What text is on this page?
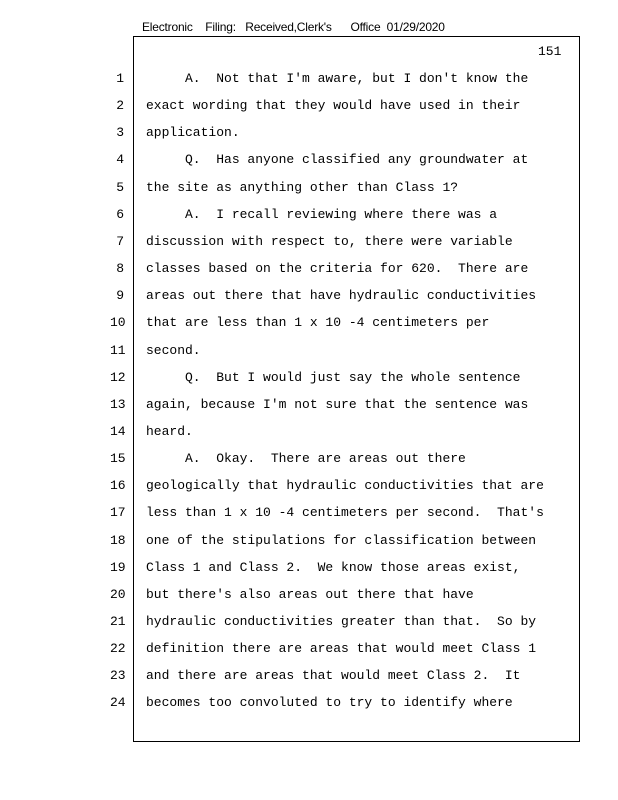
Electronic    Filing:   Received,Clerk's      Office  01/29/2020
151
1 A.  Not that I'm aware, but I don't know the
2 exact wording that they would have used in their
3 application.
4 Q.  Has anyone classified any groundwater at
5 the site as anything other than Class 1?
6 A.  I recall reviewing where there was a
7 discussion with respect to, there were variable
8 classes based on the criteria for 620.  There are
9 areas out there that have hydraulic conductivities
10 that are less than 1 x 10 -4 centimeters per
11 second.
12 Q.  But I would just say the whole sentence
13 again, because I'm not sure that the sentence was
14 heard.
15 A.  Okay.  There are areas out there
16 geologically that hydraulic conductivities that are
17 less than 1 x 10 -4 centimeters per second.  That's
18 one of the stipulations for classification between
19 Class 1 and Class 2.  We know those areas exist,
20 but there's also areas out there that have
21 hydraulic conductivities greater than that.  So by
22 definition there are areas that would meet Class 1
23 and there are areas that would meet Class 2.  It
24 becomes too convoluted to try to identify where
